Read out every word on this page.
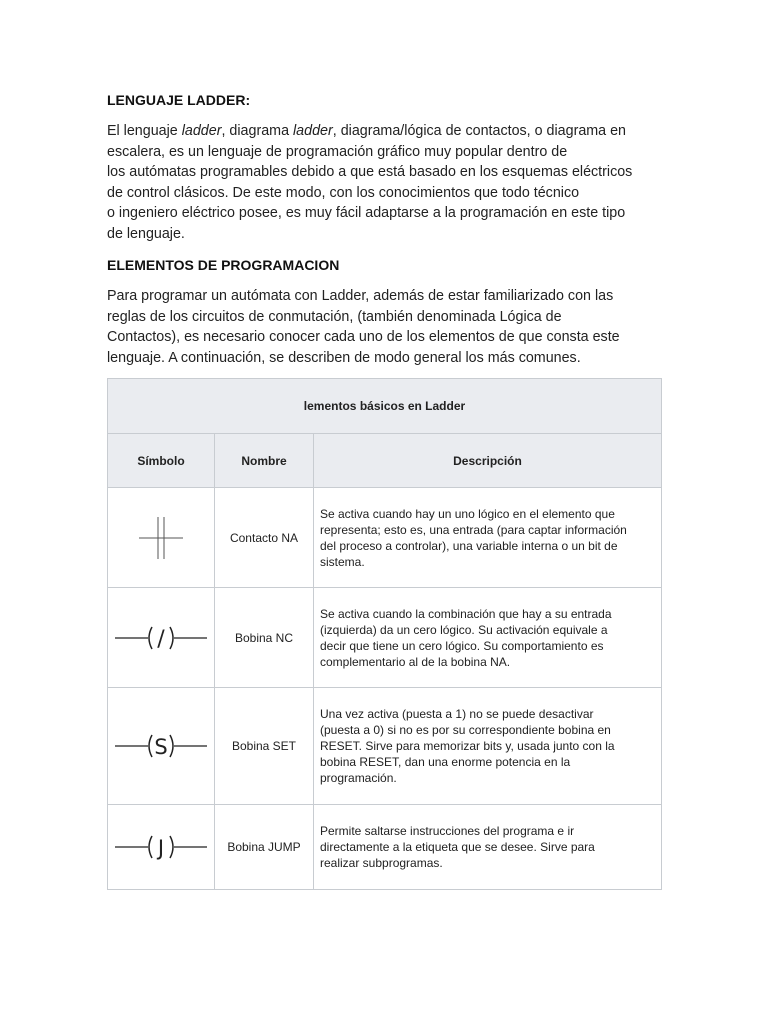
LENGUAJE LADDER:
El lenguaje ladder, diagrama ladder, diagrama/lógica de contactos, o diagrama en
escalera, es un lenguaje de programación gráfico muy popular dentro de
los autómatas programables debido a que está basado en los esquemas eléctricos
de control clásicos. De este modo, con los conocimientos que todo técnico
o ingeniero eléctrico posee, es muy fácil adaptarse a la programación en este tipo
de lenguaje.
ELEMENTOS DE PROGRAMACION
Para programar un autómata con Ladder, además de estar familiarizado con las
reglas de los circuitos de conmutación, (también denominada Lógica de
Contactos), es necesario conocer cada uno de los elementos de que consta este
lenguaje. A continuación, se describen de modo general los más comunes.
lementos básicos en Ladder		
Símbolo	Nombre	Descripción

	Contacto NA	Se activa cuando hay un uno lógico en el elemento que
representa; esto es, una entrada (para captar información
del proceso a controlar), una variable interna o un bit de
sistema.

/	Bobina NC	Se activa cuando la combinación que hay a su entrada
(izquierda) da un cero lógico. Su activación equivale a
decir que tiene un cero lógico. Su comportamiento es
complementario al de la bobina NA.

S	Bobina SET	Una vez activa (puesta a 1) no se puede desactivar
(puesta a 0) si no es por su correspondiente bobina en
RESET. Sirve para memorizar bits y, usada junto con la
bobina RESET, dan una enorme potencia en la
programación.

J	Bobina JUMP	Permite saltarse instrucciones del programa e ir
directamente a la etiqueta que se desee. Sirve para
realizar subprogramas.
